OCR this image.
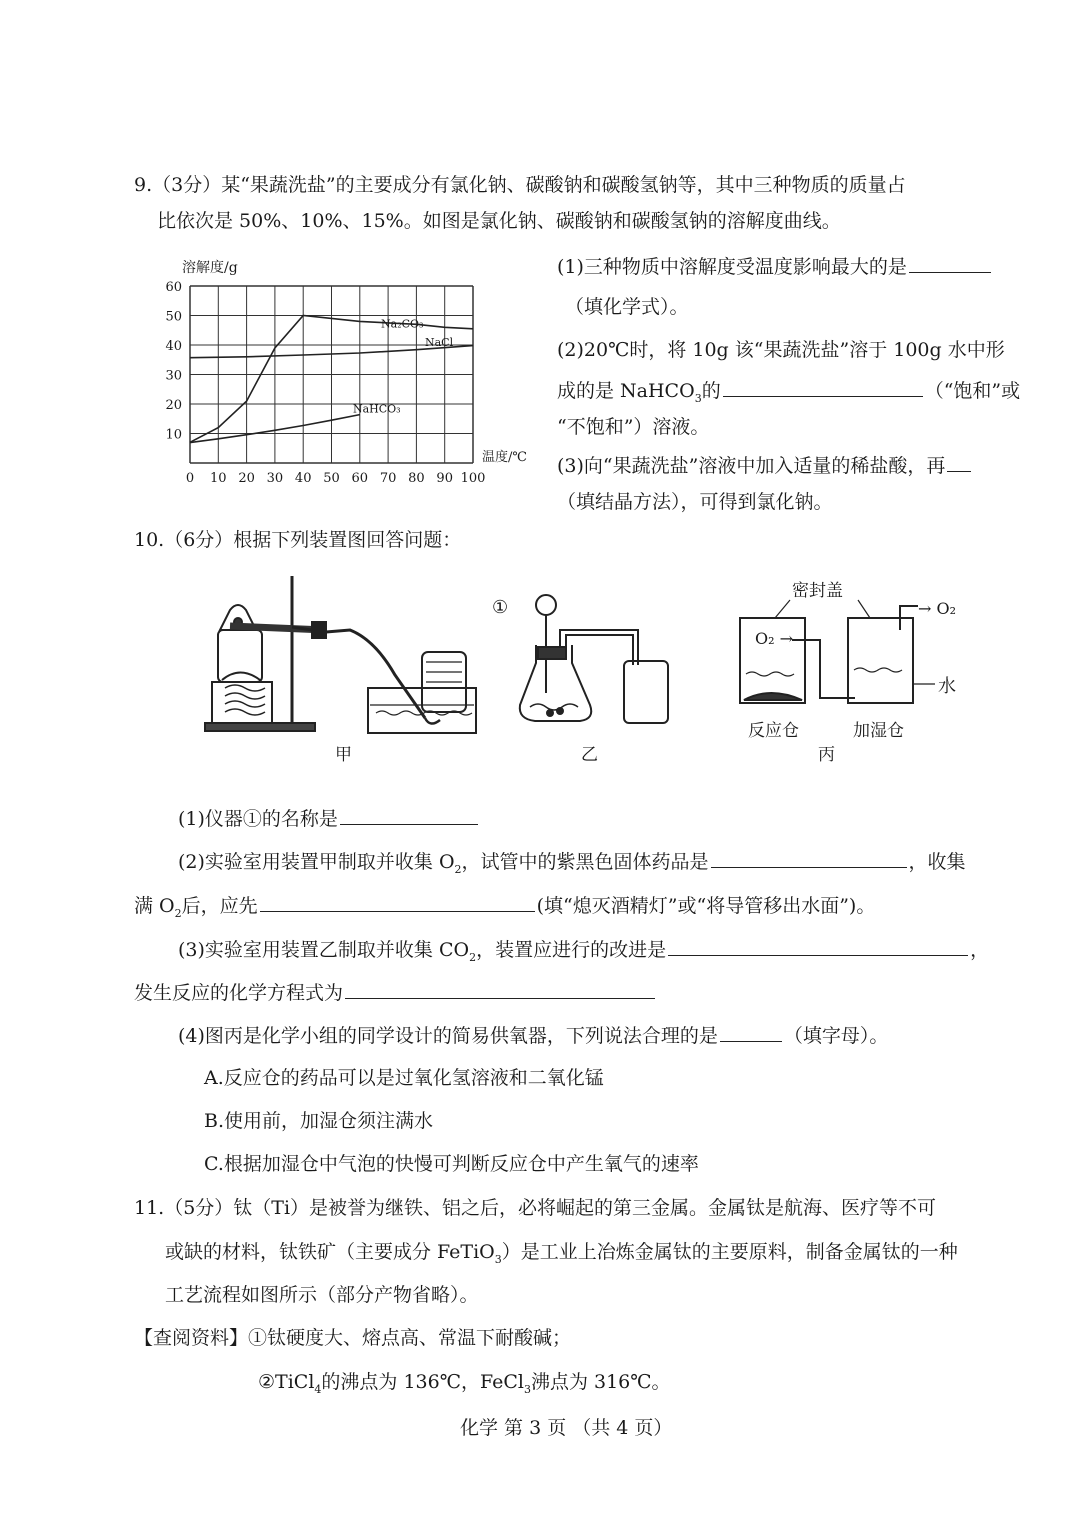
9.（3分）某“果蔬洗盐”的主要成分有氯化钠、碳酸钠和碳酸氢钠等，其中三种物质的质量占
比依次是 50%、10%、15%。如图是氯化钠、碳酸钠和碳酸氢钠的溶解度曲线。
10
20
30
40
50
60
0 10 20 30 40 50 60 70 80 90 100
Na₂CO₃
NaCl
NaHCO₃
溶解度/g
温度/℃
(1)三种物质中溶解度受温度影响最大的是
（填化学式）。
(2)20℃时，将 10g 该“果蔬洗盐”溶于 100g 水中形
成的是 NaHCO$_3$的	（“饱和”或
“不饱和”）溶液。
(3)向“果蔬洗盐”溶液中加入适量的稀盐酸，再
（填结晶方法），可得到氯化钠。
10.（6分）根据下列装置图回答问题：
甲
①
乙
密封盖
→ O₂
O₂ →
水
反应仓	加湿仓
丙
(1)仪器①的名称是
(2)实验室用装置甲制取并收集 $O_2$，试管中的紫黑色固体药品是	，收集
满 $O_2$后，应先	(填“熄灭酒精灯”或“将导管移出水面”)。
(3)实验室用装置乙制取并收集 $CO_2$，装置应进行的改进是	，
发生反应的化学方程式为
(4)图丙是化学小组的同学设计的简易供氧器，下列说法合理的是	（填字母）。
A.反应仓的药品可以是过氧化氢溶液和二氧化锰
B.使用前，加湿仓须注满水
C.根据加湿仓中气泡的快慢可判断反应仓中产生氧气的速率
11.（5分）钛（Ti）是被誉为继铁、铝之后，必将崛起的第三金属。金属钛是航海、医疗等不可
或缺的材料，钛铁矿（主要成分 FeTiO$_3$）是工业上冶炼金属钛的主要原料，制备金属钛的一种
工艺流程如图所示（部分产物省略）。
【查阅资料】①钛硬度大、熔点高、常温下耐酸碱；
②TiCl$_4$的沸点为 136℃，FeCl$_3$沸点为 316℃。
化学 第 3 页 （共 4 页）
